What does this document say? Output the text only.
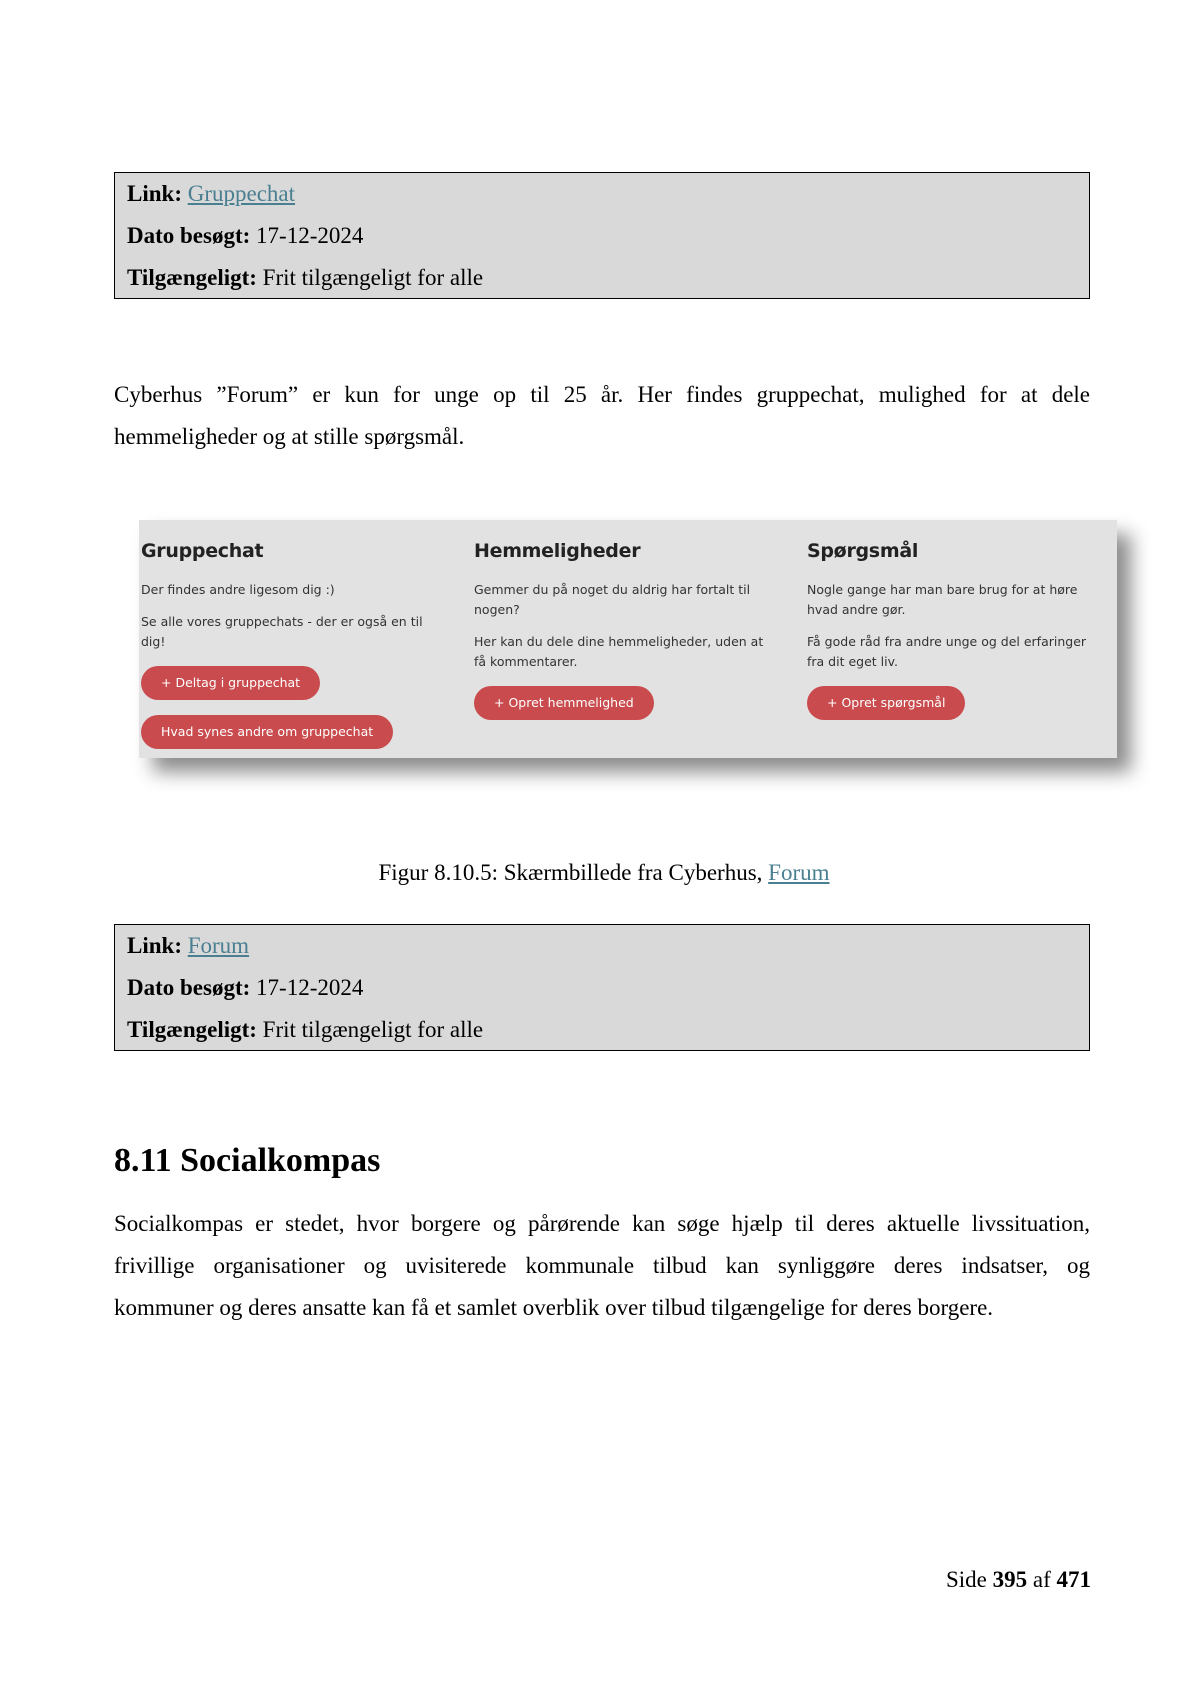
Link: Gruppechat
Dato besøgt: 17-12-2024
Tilgængeligt: Frit tilgængeligt for alle
Cyberhus ”Forum” er kun for unge op til 25 år. Her findes gruppechat, mulighed for at dele
hemmeligheder og at stille spørgsmål.
Gruppechat

Der findes andre ligesom dig :)

Se alle vores gruppechats - der er også en til dig!

+ Deltag i gruppechat
Hvad synes andre om gruppechat
Hemmeligheder

Gemmer du på noget du aldrig har fortalt til nogen?

Her kan du dele dine hemmeligheder, uden at få kommentarer.

+ Opret hemmelighed
Spørgsmål

Nogle gange har man bare brug for at høre hvad andre gør.

Få gode råd fra andre unge og del erfaringer fra dit eget liv.

+ Opret spørgsmål
Figur 8.10.5: Skærmbillede fra Cyberhus, Forum
Link: Forum
Dato besøgt: 17-12-2024
Tilgængeligt: Frit tilgængeligt for alle
8.11 Socialkompas
Socialkompas er stedet, hvor borgere og pårørende kan søge hjælp til deres aktuelle livssituation,
frivillige organisationer og uvisiterede kommunale tilbud kan synliggøre deres indsatser, og
kommuner og deres ansatte kan få et samlet overblik over tilbud tilgængelige for deres borgere.
Side 395 af 471
